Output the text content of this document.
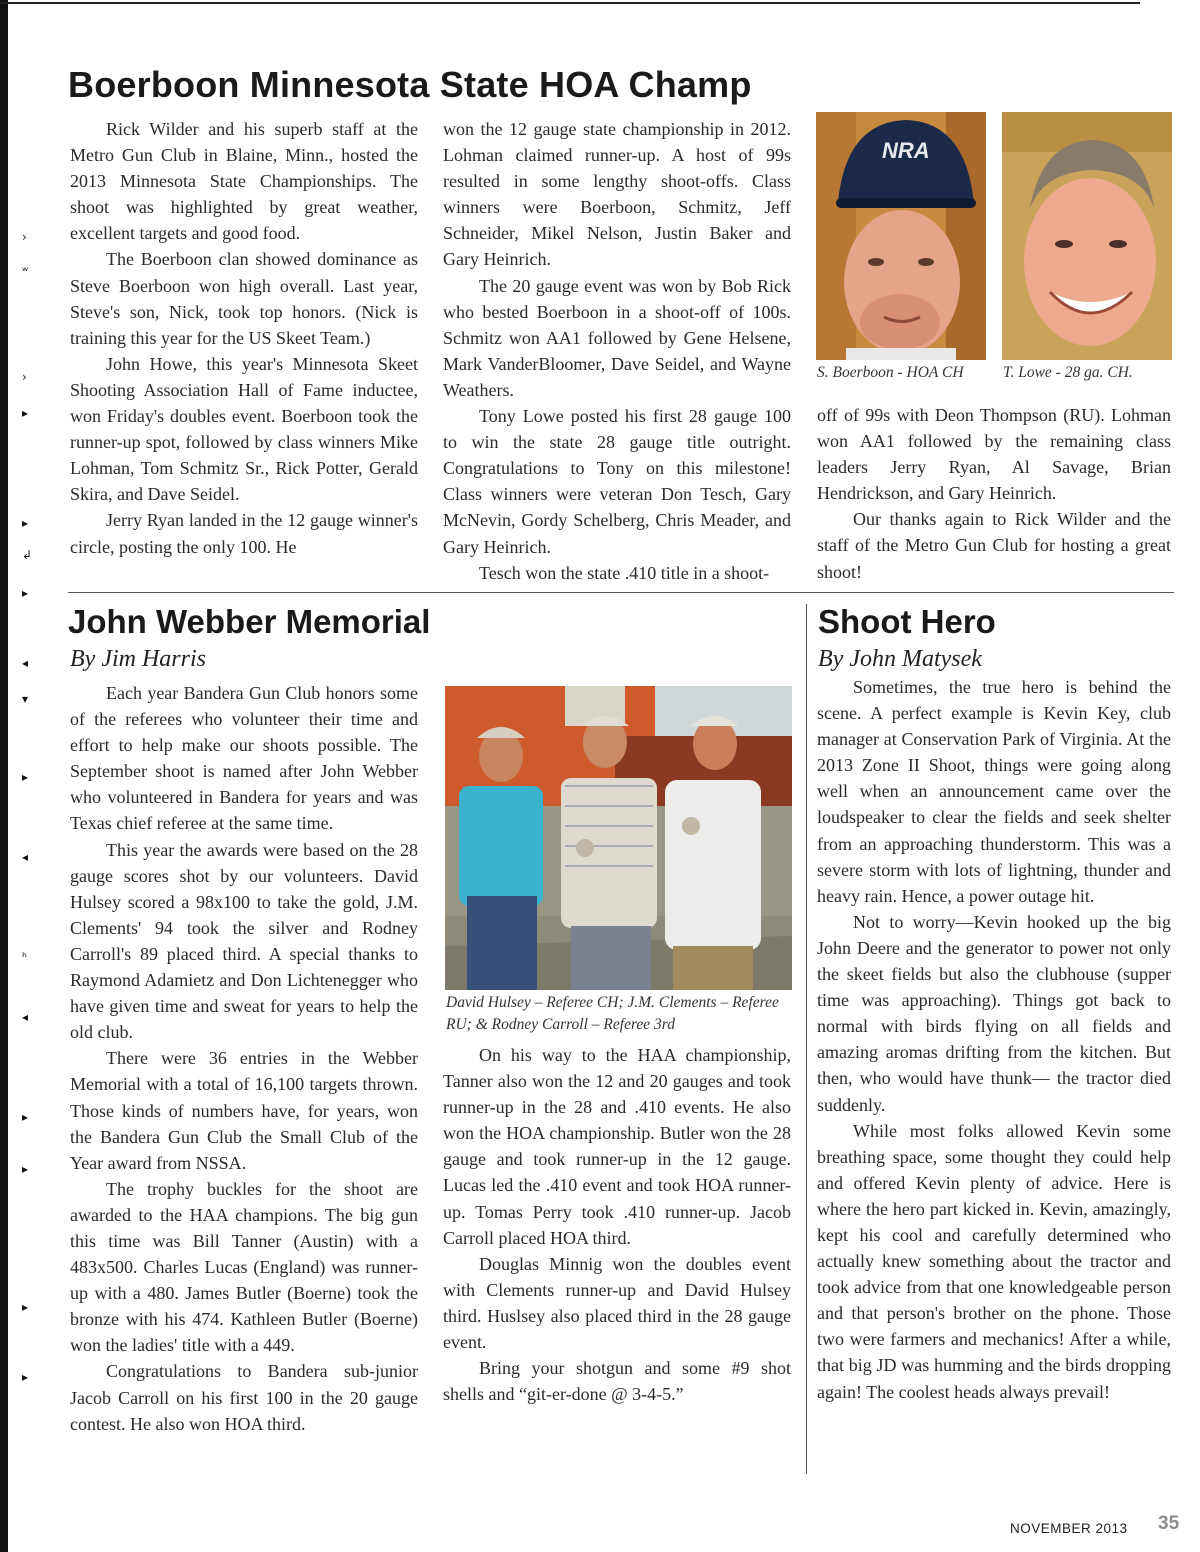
›
ʷ
›
▸
▸
↲
▸
◂
▾
▸
◂
ʰ
◂
▸
▸
▸
▸
Boerboon Minnesota State HOA Champ

Rick Wilder and his superb staff at the Metro Gun Club in Blaine, Minn., hosted the 2013 Minnesota State Championships. The shoot was highlighted by great weather, excellent targets and good food.

The Boerboon clan showed dominance as Steve Boerboon won high overall. Last year, Steve's son, Nick, took top honors. (Nick is training this year for the US Skeet Team.)

John Howe, this year's Minnesota Skeet Shooting Association Hall of Fame inductee, won Friday's doubles event. Boerboon took the runner-up spot, followed by class winners Mike Lohman, Tom Schmitz Sr., Rick Potter, Gerald Skira, and Dave Seidel.

Jerry Ryan landed in the 12 gauge winner's circle, posting the only 100. He

won the 12 gauge state championship in 2012. Lohman claimed runner-up. A host of 99s resulted in some lengthy shoot-offs. Class winners were Boerboon, Schmitz, Jeff Schneider, Mikel Nelson, Justin Baker and Gary Heinrich.

The 20 gauge event was won by Bob Rick who bested Boerboon in a shoot-off of 100s. Schmitz won AA1 followed by Gene Helsene, Mark VanderBloomer, Dave Seidel, and Wayne Weathers.

Tony Lowe posted his first 28 gauge 100 to win the state 28 gauge title outright. Congratulations to Tony on this milestone! Class winners were veteran Don Tesch, Gary McNevin, Gordy Schelberg, Chris Meader, and Gary Heinrich.

Tesch won the state .410 title in a shoot-

NRA
S. Boerboon - HOA CH	T. Lowe - 28 ga. CH.

off of 99s with Deon Thompson (RU). Lohman won AA1 followed by the remaining class leaders Jerry Ryan, Al Savage, Brian Hendrickson, and Gary Heinrich.

Our thanks again to Rick Wilder and the staff of the Metro Gun Club for hosting a great shoot!

John Webber Memorial
By Jim Harris

Each year Bandera Gun Club honors some of the referees who volunteer their time and effort to help make our shoots possible. The September shoot is named after John Webber who volunteered in Bandera for years and was Texas chief referee at the same time.

This year the awards were based on the 28 gauge scores shot by our volunteers. David Hulsey scored a 98x100 to take the gold, J.M. Clements' 94 took the silver and Rodney Carroll's 89 placed third. A special thanks to Raymond Adamietz and Don Lichtenegger who have given time and sweat for years to help the old club.

There were 36 entries in the Webber Memorial with a total of 16,100 targets thrown. Those kinds of numbers have, for years, won the Bandera Gun Club the Small Club of the Year award from NSSA.

The trophy buckles for the shoot are awarded to the HAA champions. The big gun this time was Bill Tanner (Austin) with a 483x500. Charles Lucas (England) was runner-up with a 480. James Butler (Boerne) took the bronze with his 474. Kathleen Butler (Boerne) won the ladies' title with a 449.

Congratulations to Bandera sub-junior Jacob Carroll on his first 100 in the 20 gauge contest. He also won HOA third.

David Hulsey – Referee CH; J.M. Clements – Referee RU; & Rodney Carroll – Referee 3rd

On his way to the HAA championship, Tanner also won the 12 and 20 gauges and took runner-up in the 28 and .410 events. He also won the HOA championship. Butler won the 28 gauge and took runner-up in the 12 gauge. Lucas led the .410 event and took HOA runner-up. Tomas Perry took .410 runner-up. Jacob Carroll placed HOA third.

Douglas Minnig won the doubles event with Clements runner-up and David Hulsey third. Huslsey also placed third in the 28 gauge event.

Bring your shotgun and some #9 shot shells and “git-er-done @ 3-4-5.”

Shoot Hero
By John Matysek

Sometimes, the true hero is behind the scene. A perfect example is Kevin Key, club manager at Conservation Park of Virginia. At the 2013 Zone II Shoot, things were going along well when an announcement came over the loudspeaker to clear the fields and seek shelter from an approaching thunderstorm. This was a severe storm with lots of lightning, thunder and heavy rain. Hence, a power outage hit.

Not to worry—Kevin hooked up the big John Deere and the generator to power not only the skeet fields but also the clubhouse (supper time was approaching). Things got back to normal with birds flying on all fields and amazing aromas drifting from the kitchen. But then, who would have thunk— the tractor died suddenly.

While most folks allowed Kevin some breathing space, some thought they could help and offered Kevin plenty of advice. Here is where the hero part kicked in. Kevin, amazingly, kept his cool and carefully determined who actually knew something about the tractor and took advice from that one knowledgeable person and that person's brother on the phone. Those two were farmers and mechanics! After a while, that big JD was humming and the birds dropping again! The coolest heads always prevail!

NOVEMBER 2013 35
